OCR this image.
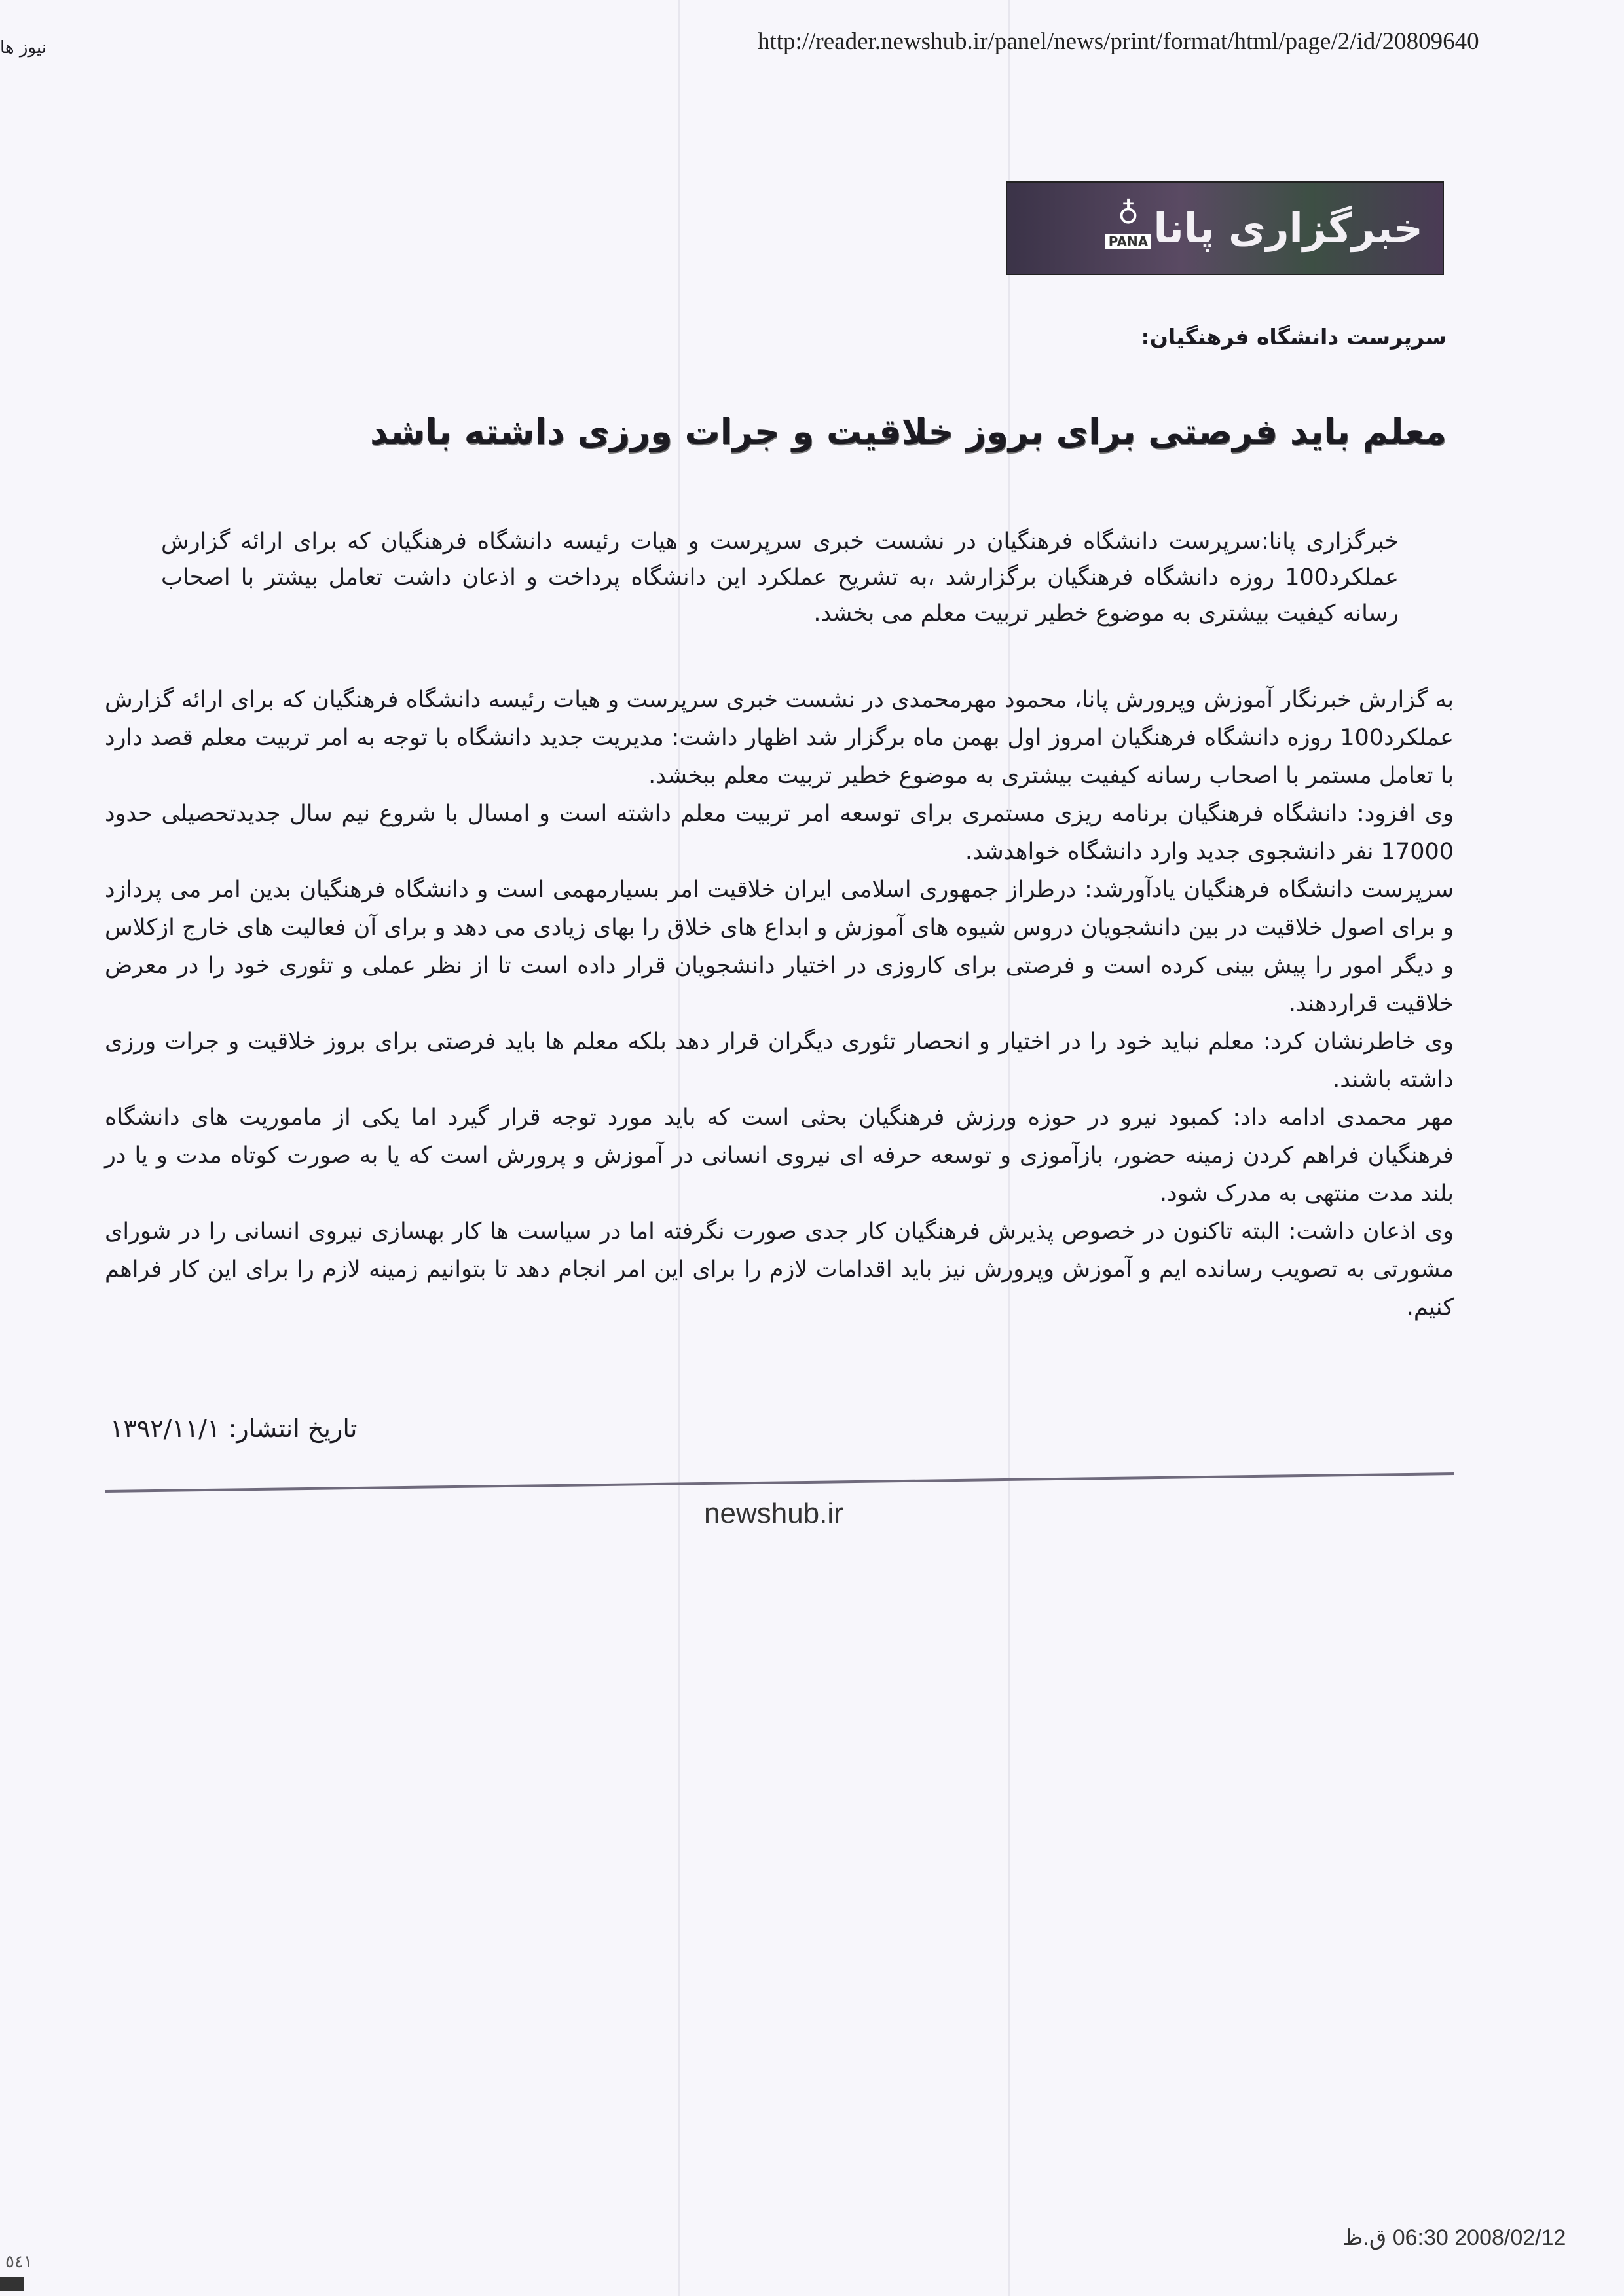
http://reader.newshub.ir/panel/news/print/format/html/page/2/id/20809640
نیوز ها
خبرگزاری پانا
♁
PANA
سرپرست دانشگاه فرهنگیان:
معلم باید فرصتی برای بروز خلاقیت و جرات ورزی داشته باشد
خبرگزاری پانا:سرپرست دانشگاه فرهنگیان در نشست خبری سرپرست و هیات رئیسه دانشگاه فرهنگیان که برای ارائه گزارش عملکرد100 روزه دانشگاه فرهنگیان برگزارشد ،به تشریح عملکرد این دانشگاه پرداخت و اذعان داشت تعامل بیشتر با اصحاب رسانه کیفیت بیشتری به موضوع خطیر تربیت معلم می بخشد.

به گزارش خبرنگار آموزش وپرورش پانا، محمود مهرمحمدی در نشست خبری سرپرست و هیات رئیسه دانشگاه فرهنگیان که برای ارائه گزارش عملکرد100 روزه دانشگاه فرهنگیان امروز اول بهمن ماه برگزار شد اظهار داشت: مدیریت جدید دانشگاه با توجه به امر تربیت معلم قصد دارد با تعامل مستمر با اصحاب رسانه کیفیت بیشتری به موضوع خطیر تربیت معلم ببخشد.

وی افزود: دانشگاه فرهنگیان برنامه ریزی مستمری برای توسعه امر تربیت معلم داشته است و امسال با شروع نیم سال جدیدتحصیلی حدود 17000 نفر دانشجوی جدید وارد دانشگاه خواهدشد.

سرپرست دانشگاه فرهنگیان یادآورشد: درطراز جمهوری اسلامی ایران خلاقیت امر بسیارمهمی است و دانشگاه فرهنگیان بدین امر می پردازد و برای اصول خلاقیت در بین دانشجویان دروس شیوه های آموزش و ابداع های خلاق را بهای زیادی می دهد و برای آن فعالیت های خارج ازکلاس و دیگر امور را پیش بینی کرده است و فرصتی برای کاروزی در اختیار دانشجویان قرار داده است تا از نظر عملی و تئوری خود را در معرض خلاقیت قراردهند.

وی خاطرنشان کرد: معلم نباید خود را در اختیار و انحصار تئوری دیگران قرار دهد بلکه معلم ها باید فرصتی برای بروز خلاقیت و جرات ورزی داشته باشند.

مهر محمدی ادامه داد: کمبود نیرو در حوزه ورزش فرهنگیان بحثی است که باید مورد توجه قرار گیرد اما یکی از ماموریت های دانشگاه فرهنگیان فراهم کردن زمینه حضور، بازآموزی و توسعه حرفه ای نیروی انسانی در آموزش و پرورش است که یا به صورت کوتاه مدت و یا در بلند مدت منتهی به مدرک شود.

وی اذعان داشت: البته تاکنون در خصوص پذیرش فرهنگیان کار جدی صورت نگرفته اما در سیاست ها کار بهسازی نیروی انسانی را در شورای مشورتی به تصویب رسانده ایم و آموزش وپرورش نیز باید اقدامات لازم را برای این امر انجام دهد تا بتوانیم زمینه لازم را برای این کار فراهم کنیم.

تاریخ انتشار: ١٣٩٢/١١/١
newshub.ir
2008/02/12 06:30 ق.ظ
٥٤١
